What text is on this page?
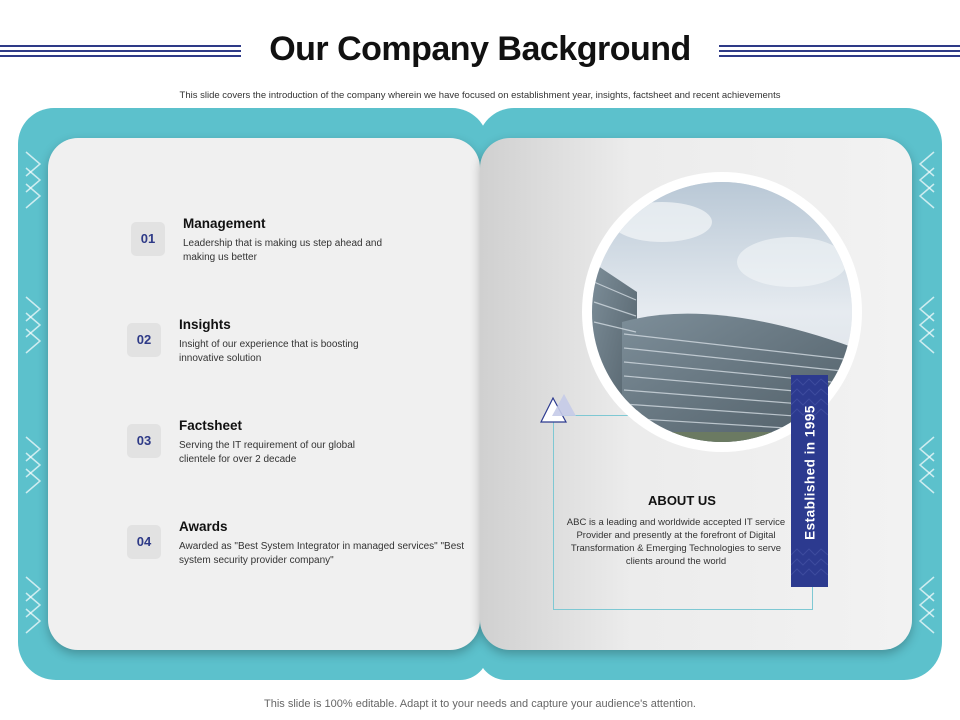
Our Company Background
This slide covers the introduction of the company wherein we have focused on establishment year, insights, factsheet and recent achievements
01
Management
Leadership that is making us step ahead and making us better
02
Insights
Insight of our experience that is boosting innovative solution
03
Factsheet
Serving the IT requirement of our global clientele for over 2 decade
04
Awards
Awarded as "Best System Integrator in managed services" "Best system security provider company"
ABOUT US
ABC is a leading and worldwide accepted IT service Provider and presently at the forefront of Digital Transformation & Emerging Technologies to serve clients around the world
Established in 1995
This slide is 100% editable. Adapt it to your needs and capture your audience's attention.
